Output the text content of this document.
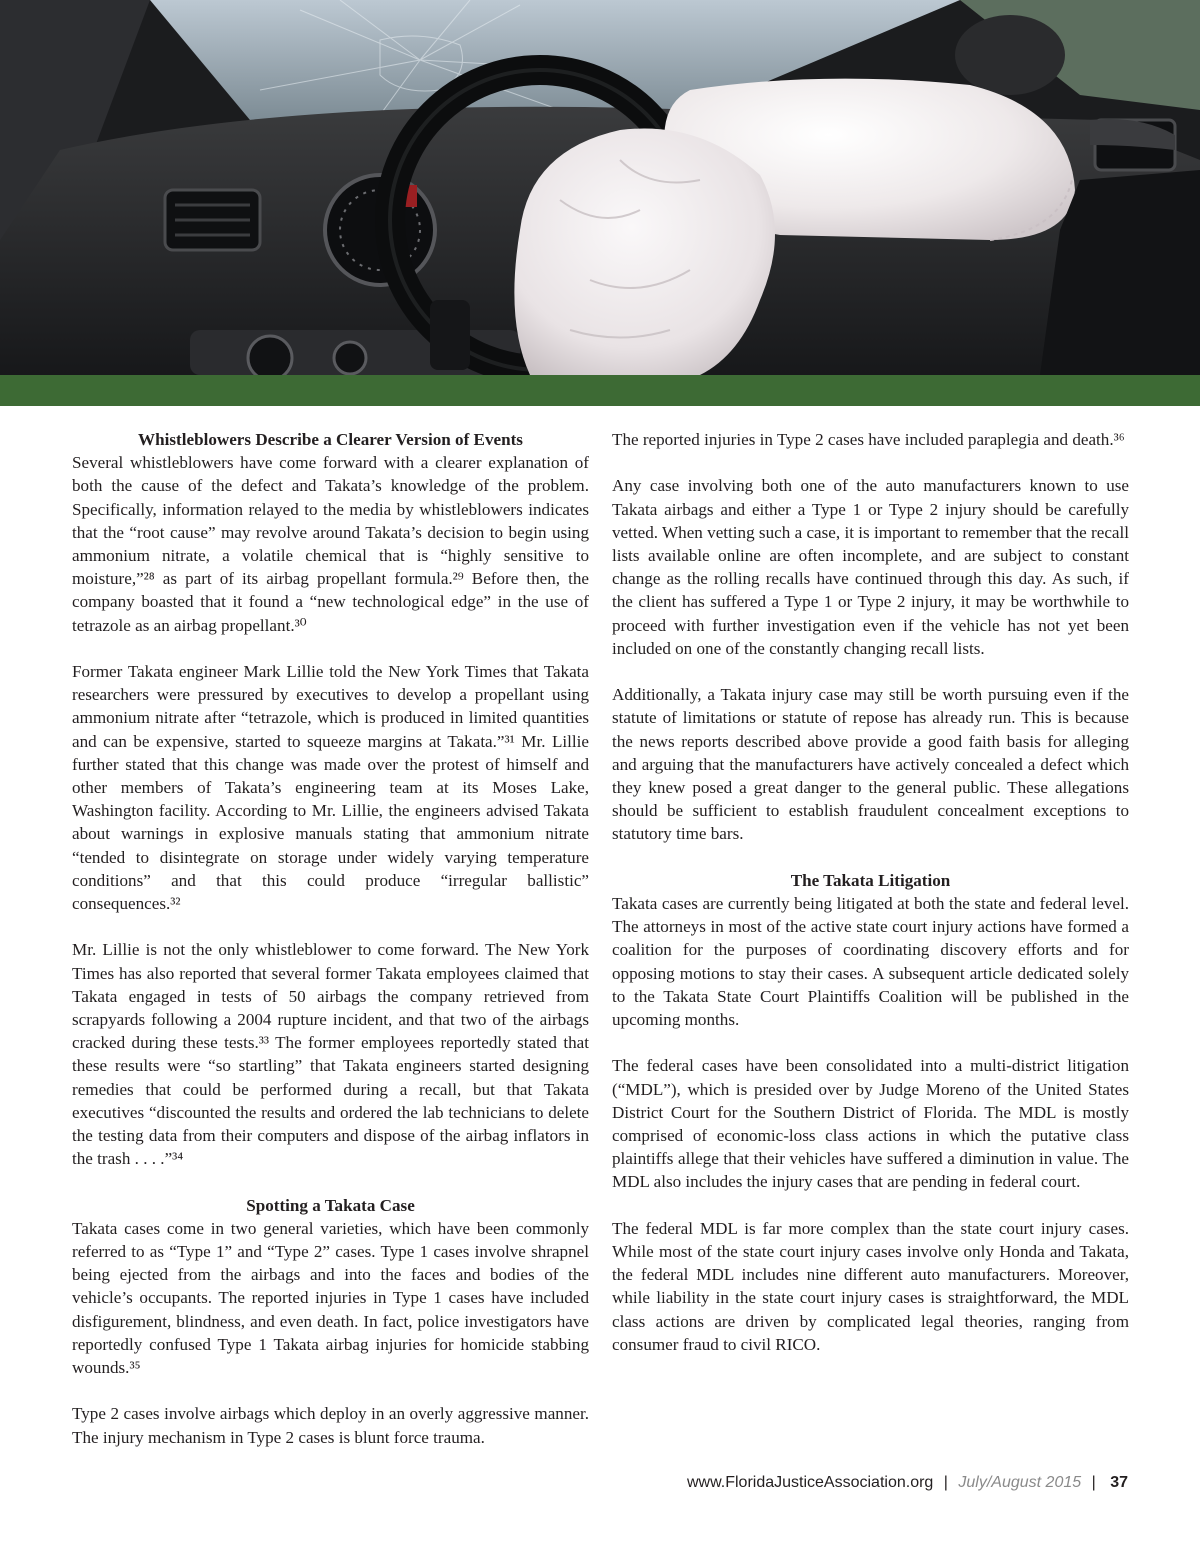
Whistleblowers Describe a Clearer Version of Events

Several whistleblowers have come forward with a clearer explanation of both the cause of the defect and Takata’s knowledge of the problem. Specifically, information relayed to the media by whistleblowers indicates that the “root cause” may revolve around Takata’s decision to begin using ammonium nitrate, a volatile chemical that is “highly sensitive to moisture,”²⁸ as part of its airbag propellant formula.²⁹ Before then, the company boasted that it found a “new technological edge” in the use of tetrazole as an airbag propellant.³⁰

Former Takata engineer Mark Lillie told the New York Times that Takata researchers were pressured by executives to develop a propellant using ammonium nitrate after “tetrazole, which is produced in limited quantities and can be expensive, started to squeeze margins at Takata.”³¹ Mr. Lillie further stated that this change was made over the protest of himself and other members of Takata’s engineering team at its Moses Lake, Washington facility. According to Mr. Lillie, the engineers advised Takata about warnings in explosive manuals stating that ammonium nitrate “tended to disintegrate on storage under widely varying temperature conditions” and that this could produce “irregular ballistic” consequences.³²

Mr. Lillie is not the only whistleblower to come forward. The New York Times has also reported that several former Takata employees claimed that Takata engaged in tests of 50 airbags the company retrieved from scrapyards following a 2004 rupture incident, and that two of the airbags cracked during these tests.³³ The former employees reportedly stated that these results were “so startling” that Takata engineers started designing remedies that could be performed during a recall, but that Takata executives “discounted the results and ordered the lab technicians to delete the testing data from their computers and dispose of the airbag inflators in the trash . . . .”³⁴

Spotting a Takata Case

Takata cases come in two general varieties, which have been commonly referred to as “Type 1” and “Type 2” cases. Type 1 cases involve shrapnel being ejected from the airbags and into the faces and bodies of the vehicle’s occupants. The reported injuries in Type 1 cases have included disfigurement, blindness, and even death. In fact, police investigators have reportedly confused Type 1 Takata airbag injuries for homicide stabbing wounds.³⁵

Type 2 cases involve airbags which deploy in an overly aggressive manner. The injury mechanism in Type 2 cases is blunt force trauma.

The reported injuries in Type 2 cases have included paraplegia and death.³⁶

Any case involving both one of the auto manufacturers known to use Takata airbags and either a Type 1 or Type 2 injury should be carefully vetted. When vetting such a case, it is important to remember that the recall lists available online are often incomplete, and are subject to constant change as the rolling recalls have continued through this day. As such, if the client has suffered a Type 1 or Type 2 injury, it may be worthwhile to proceed with further investigation even if the vehicle has not yet been included on one of the constantly changing recall lists.

Additionally, a Takata injury case may still be worth pursuing even if the statute of limitations or statute of repose has already run. This is because the news reports described above provide a good faith basis for alleging and arguing that the manufacturers have actively concealed a defect which they knew posed a great danger to the general public. These allegations should be sufficient to establish fraudulent concealment exceptions to statutory time bars.

The Takata Litigation

Takata cases are currently being litigated at both the state and federal level. The attorneys in most of the active state court injury actions have formed a coalition for the purposes of coordinating discovery efforts and for opposing motions to stay their cases. A subsequent article dedicated solely to the Takata State Court Plaintiffs Coalition will be published in the upcoming months.

The federal cases have been consolidated into a multi-district litigation (“MDL”), which is presided over by Judge Moreno of the United States District Court for the Southern District of Florida. The MDL is mostly comprised of economic-loss class actions in which the putative class plaintiffs allege that their vehicles have suffered a diminution in value. The MDL also includes the injury cases that are pending in federal court.

The federal MDL is far more complex than the state court injury cases. While most of the state court injury cases involve only Honda and Takata, the federal MDL includes nine different auto manufacturers. Moreover, while liability in the state court injury cases is straightforward, the MDL class actions are driven by complicated legal theories, ranging from consumer fraud to civil RICO.

www.FloridaJusticeAssociation.org | July/August 2015 | 37
